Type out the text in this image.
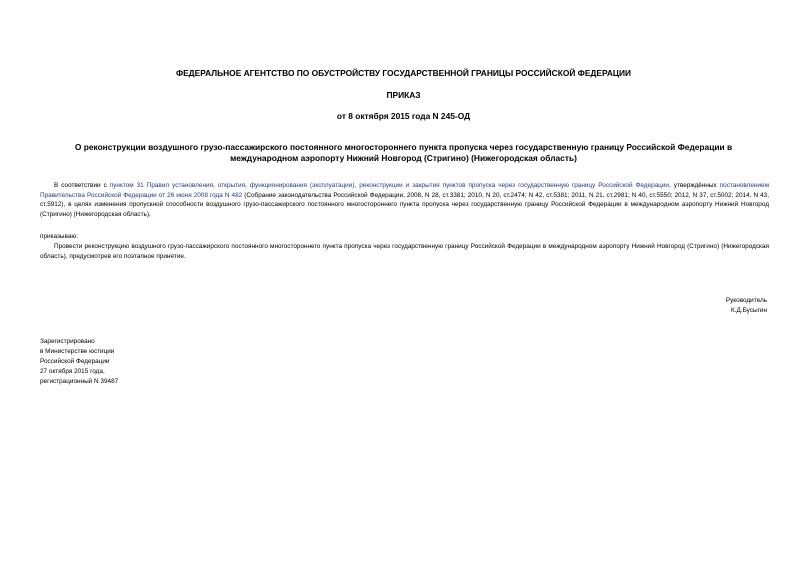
ФЕДЕРАЛЬНОЕ АГЕНТСТВО ПО ОБУСТРОЙСТВУ ГОСУДАРСТВЕННОЙ ГРАНИЦЫ РОССИЙСКОЙ ФЕДЕРАЦИИ
ПРИКАЗ
от 8 октября 2015 года N 245-ОД
О реконструкции воздушного грузо-пассажирского постоянного многостороннего пункта пропуска через государственную границу Российской Федерации в международном аэропорту Нижний Новгород (Стригино) (Нижегородская область)
В соответствии с пунктом 31 Правил установления, открытия, функционирования (эксплуатации), реконструкции и закрытия пунктов пропуска через государственную границу Российской Федерации, утверждённых постановлением Правительства Российской Федерации от 26 июня 2008 года N 482 (Собрание законодательства Российской Федерации, 2008, N 28, ст.3381; 2010, N 20, ст.2474; N 42, ст.5381; 2011, N 21, ст.2981; N 40, ст.5550; 2012, N 37, ст.5002; 2014, N 43, ст.5912), в целях изменения пропускной способности воздушного грузо-пассажирского постоянного многостороннего пункта пропуска через государственную границу Российской Федерации в международном аэропорту Нижний Новгород (Стригино) (Нижегородская область),
приказываю:
Провести реконструкцию воздушного грузо-пассажирского постоянного многостороннего пункта пропуска через государственную границу Российской Федерации в международном аэропорту Нижний Новгород (Стригино) (Нижегородская область), предусмотрев его поэтапное принятие.
Руководитель
К.Д.Бусыгин
Зарегистрировано
в Министерстве юстиции
Российской Федерации
27 октября 2015 года,
регистрационный N 39487
